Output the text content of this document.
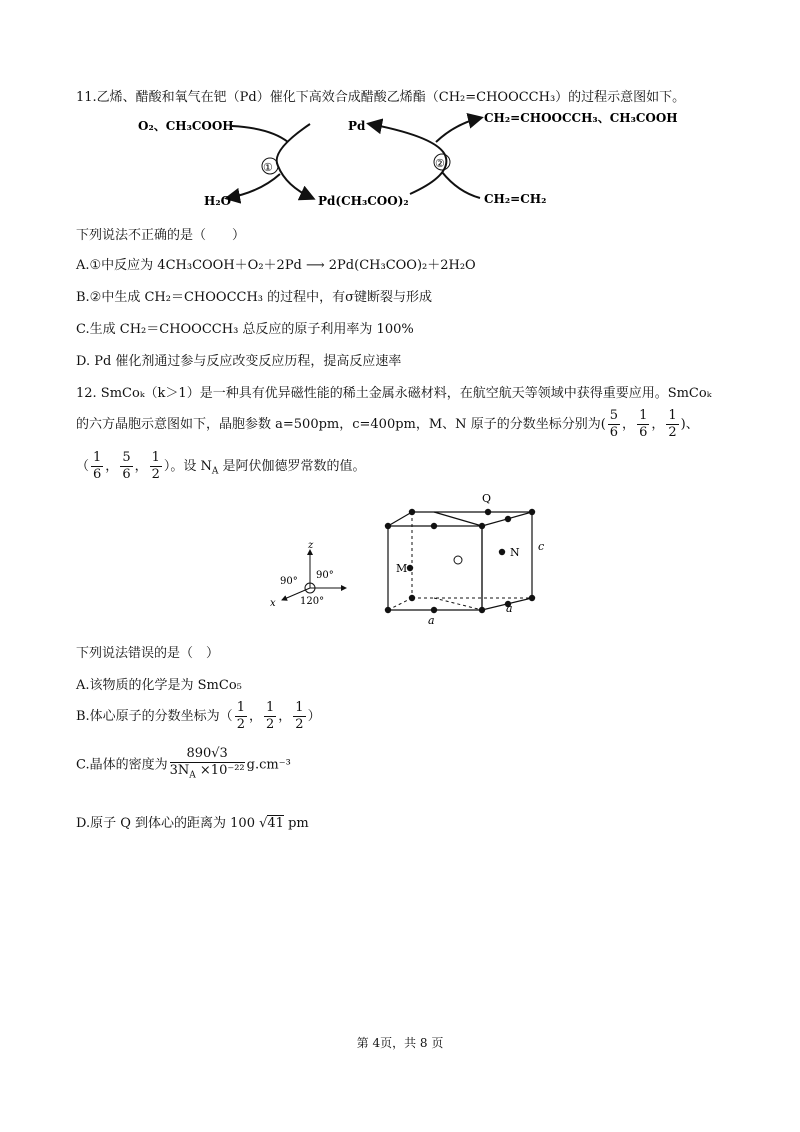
11.乙烯、醋酸和氧气在钯（Pd）催化下高效合成醋酸乙烯酯（CH₂=CHOOCCH₃）的过程示意图如下。
①	②
O₂、CH₃COOH
H₂O
Pd
Pd(CH₃COO)₂
CH₂=CHOOCCH₃、CH₃COOH
CH₂=CH₂
下列说法不正确的是（　　）
A.①中反应为 4CH₃COOH＋O₂＋2Pd ⟶ 2Pd(CH₃COO)₂＋2H₂O
B.②中生成 CH₂＝CHOOCCH₃ 的过程中，有σ键断裂与形成
C.生成 CH₂＝CHOOCCH₃ 总反应的原子利用率为 100%
D. Pd 催化剂通过参与反应改变反应历程，提高反应速率
12. SmCoₖ（k＞1）是一种具有优异磁性能的稀土金属永磁材料，在航空航天等领域中获得重要应用。SmCoₖ
的六方晶胞示意图如下，晶胞参数 a=500pm，c=400pm，M、N 原子的分数坐标分别为( $\frac{5}{6}$ ， $\frac{1}{6}$ ， $\frac{1}{2}$ )、
（ $\frac{1}{6}$ ， $\frac{5}{6}$ ， $\frac{1}{2}$ ）。设 $N_A$ 是阿伏伽德罗常数的值。
z
x
90°
90°
120°
Q
M
N
a
a
c
下列说法错误的是（　）
A.该物质的化学是为 SmCo₅
B.体心原子的分数坐标为（ $\frac{1}{2}$ ， $\frac{1}{2}$ ， $\frac{1}{2}$ ）
C.晶体的密度为 $\frac{890√3}{3N_A \times 10^{-22}} g.cm^{-3}$
D.原子 Q 到体心的距离为 100 √41 pm
第 4页，共 8 页
